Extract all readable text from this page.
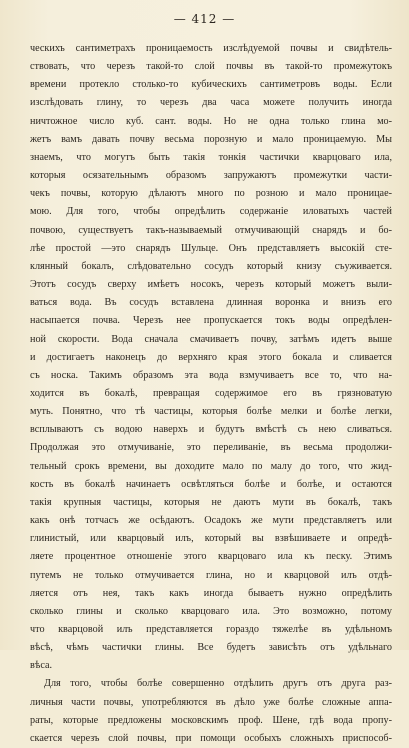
— 412 —
ческихъ сантиметрахъ проницаемость изслѣдуемой почвы и свидѣтель-
ствовать, что черезъ такой-то слой почвы въ такой-то промежутокъ
времени протекло столько-то кубическихъ сантиметровъ воды. Если
изслѣдовать глину, то черезъ два часа можете получить иногда
ничтожное число куб. сант. воды. Но не одна только глина мо-
жетъ вамъ давать почву весьма порозную и мало проницаемую. Мы
знаемъ, что могутъ быть такія тонкія частички кварцоваго ила,
которыя осязательнымъ образомъ запружаютъ промежутки части-
чекъ почвы, которую дѣлаютъ много по розною и мало проницае-
мою. Для того, чтобы опредѣлить содержаніе иловатыхъ частей
почвою, существуетъ такъ-называемый отмучивающій снарядъ и бо-
лѣе простой —это снарядъ Шульце. Онъ представляетъ высокій сте-
клянный бокалъ, слѣдовательно сосудъ который книзу съуживается.
Этотъ сосудъ сверху имѣетъ носокъ, черезъ который можетъ выли-
ваться вода. Въ сосудъ вставлена длинная воронка и внизъ его
насыпается почва. Черезъ нее пропускается токъ воды опредѣлен-
ной скорости. Вода сначала смачиваетъ почву, затѣмъ идетъ выше
и достигаетъ наконецъ до верхняго края этого бокала и сливается
съ носка. Такимъ образомъ эта вода взмучиваетъ все то, что на-
ходится въ бокалѣ, превращая содержимое его въ грязноватую
муть. Понятно, что тѣ частицы, которыя болѣе мелки и болѣе легки,
всплываютъ съ водою наверхъ и будутъ вмѣстѣ съ нею сливаться.
Продолжая это отмучиваніе, это переливаніе, въ весьма продолжи-
тельный срокъ времени, вы доходите мало по малу до того, что жид-
кость въ бокалѣ начинаетъ освѣтляться болѣе и болѣе, и остаются
такія крупныя частицы, которыя не даютъ мути въ бокалѣ, такъ
какъ онѣ тотчасъ же осѣдаютъ. Осадокъ же мути представляетъ или
глинистый, или кварцовый илъ, который вы взвѣшиваете и опредѣ-
ляете процентное отношеніе этого кварцоваго ила къ песку. Этимъ
путемъ не только отмучивается глина, но и кварцовой илъ отдѣ-
ляется отъ нея, такъ какъ иногда бываетъ нужно опредѣлить
сколько глины и сколько кварцоваго ила. Это возможно, потому
что кварцовой илъ представляется гораздо тяжелѣе въ удѣльномъ
вѣсѣ, чѣмъ частички глины. Все будетъ зависѣть отъ удѣльнаго
вѣса.
Для того, чтобы болѣе совершенно отдѣлить другъ отъ друга раз-
личныя части почвы, употребляются въ дѣло уже болѣе сложные аппа-
раты, которые предложены московскимъ проф. Шене, гдѣ вода пропу-
скается черезъ слой почвы, при помощи особыхъ сложныхъ приспособ-
